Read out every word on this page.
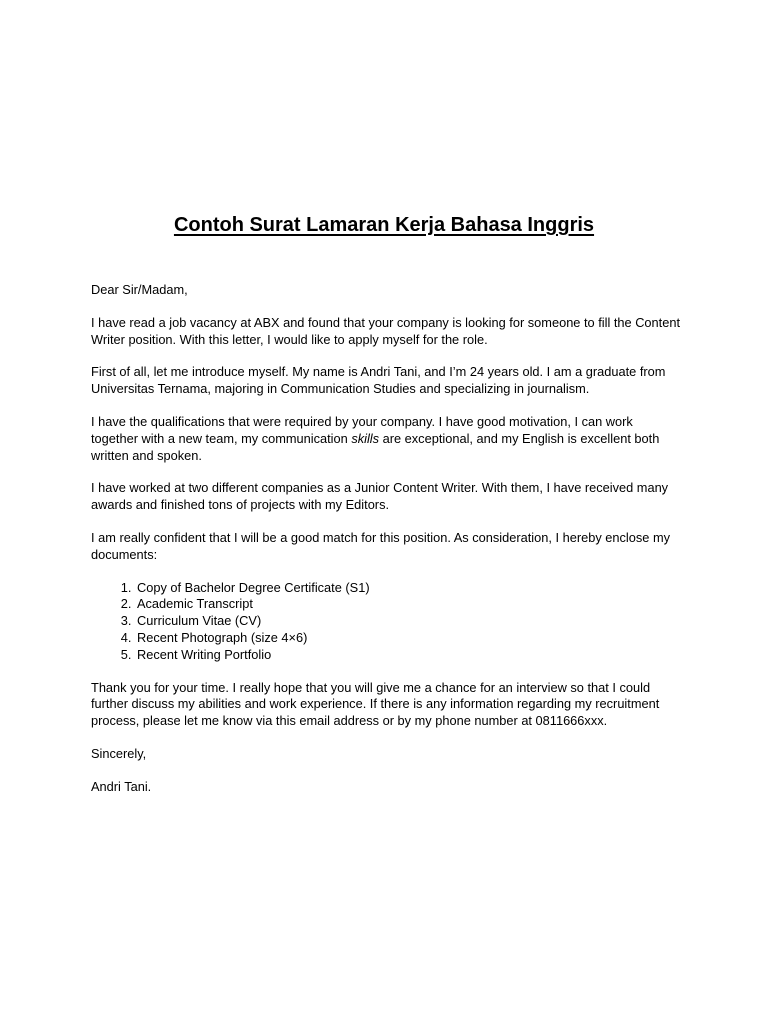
Contoh Surat Lamaran Kerja Bahasa Inggris

Dear Sir/Madam,

I have read a job vacancy at ABX and found that your company is looking for someone to fill the Content Writer position. With this letter, I would like to apply myself for the role.

First of all, let me introduce myself. My name is Andri Tani, and I’m 24 years old. I am a graduate from Universitas Ternama, majoring in Communication Studies and specializing in journalism.

I have the qualifications that were required by your company. I have good motivation, I can work together with a new team, my communication skills are exceptional, and my English is excellent both written and spoken.

I have worked at two different companies as a Junior Content Writer. With them, I have received many awards and finished tons of projects with my Editors.

I am really confident that I will be a good match for this position. As consideration, I hereby enclose my documents:

1. Copy of Bachelor Degree Certificate (S1)
2. Academic Transcript
3. Curriculum Vitae (CV)
4. Recent Photograph (size 4×6)
5. Recent Writing Portfolio

Thank you for your time. I really hope that you will give me a chance for an interview so that I could further discuss my abilities and work experience. If there is any information regarding my recruitment process, please let me know via this email address or by my phone number at 0811666xxx.

Sincerely,

Andri Tani.
